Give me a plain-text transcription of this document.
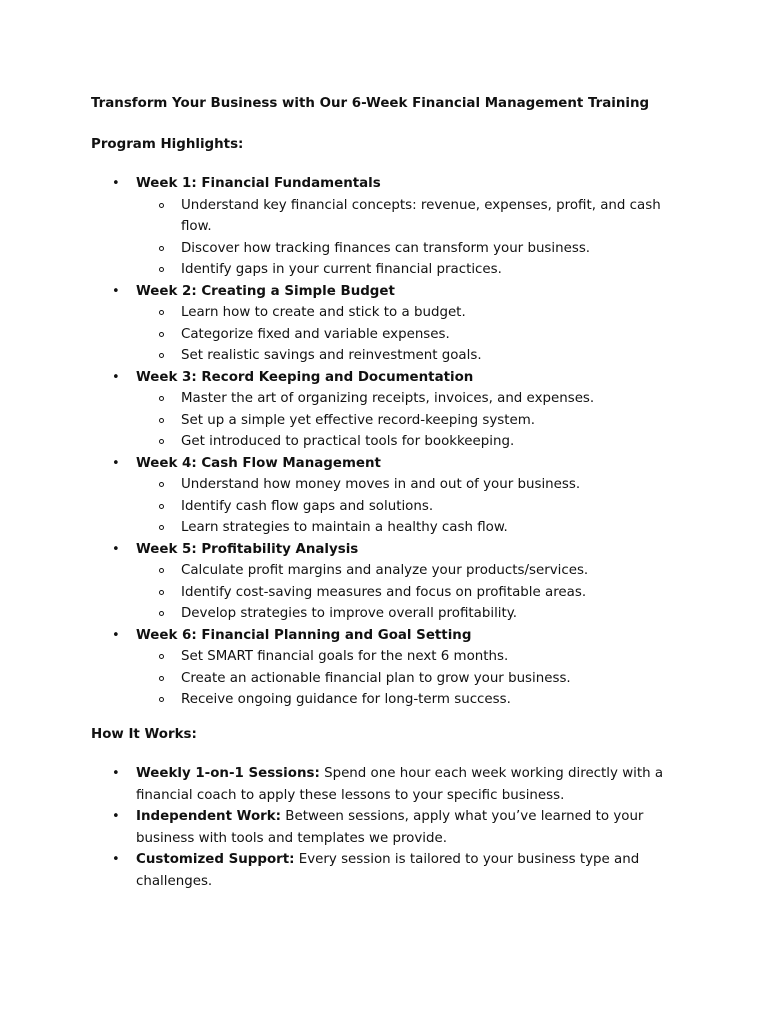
Transform Your Business with Our 6-Week Financial Management Training

Program Highlights:

• Week 1: Financial Fundamentals
Understand key financial concepts: revenue, expenses, profit, and cash flow.
Discover how tracking finances can transform your business.
Identify gaps in your current financial practices.
• Week 2: Creating a Simple Budget
Learn how to create and stick to a budget.
Categorize fixed and variable expenses.
Set realistic savings and reinvestment goals.
• Week 3: Record Keeping and Documentation
Master the art of organizing receipts, invoices, and expenses.
Set up a simple yet effective record-keeping system.
Get introduced to practical tools for bookkeeping.
• Week 4: Cash Flow Management
Understand how money moves in and out of your business.
Identify cash flow gaps and solutions.
Learn strategies to maintain a healthy cash flow.
• Week 5: Profitability Analysis
Calculate profit margins and analyze your products/services.
Identify cost-saving measures and focus on profitable areas.
Develop strategies to improve overall profitability.
• Week 6: Financial Planning and Goal Setting
Set SMART financial goals for the next 6 months.
Create an actionable financial plan to grow your business.
Receive ongoing guidance for long-term success.

How It Works:

• Weekly 1-on-1 Sessions: Spend one hour each week working directly with a financial coach to apply these lessons to your specific business.
• Independent Work: Between sessions, apply what you’ve learned to your business with tools and templates we provide.
• Customized Support: Every session is tailored to your business type and challenges.
